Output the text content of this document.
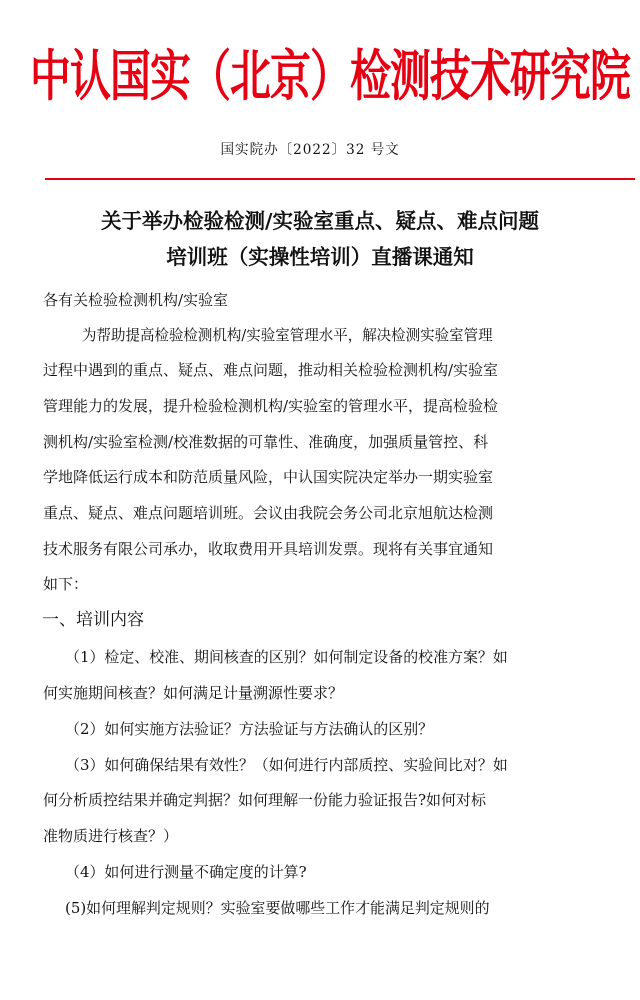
中认国实（北京）检测技术研究院
国实院办〔2022〕32 号文
关于举办检验检测/实验室重点、疑点、难点问题
培训班（实操性培训）直播课通知
各有关检验检测机构/实验室
为帮助提高检验检测机构/实验室管理水平，解决检测实验室管理
过程中遇到的重点、疑点、难点问题，推动相关检验检测机构/实验室
管理能力的发展，提升检验检测机构/实验室的管理水平，提高检验检
测机构/实验室检测/校准数据的可靠性、准确度，加强质量管控、科
学地降低运行成本和防范质量风险，中认国实院决定举办一期实验室
重点、疑点、难点问题培训班。会议由我院会务公司北京旭航达检测
技术服务有限公司承办，收取费用开具培训发票。现将有关事宜通知
如下：
一、培训内容
（1）检定、校准、期间核查的区别？如何制定设备的校准方案？如
何实施期间核查？如何满足计量溯源性要求？
（2）如何实施方法验证？方法验证与方法确认的区别？
（3）如何确保结果有效性？（如何进行内部质控、实验间比对？如
何分析质控结果并确定判据？如何理解一份能力验证报告?如何对标
准物质进行核查？）
（4）如何进行测量不确定度的计算?
(5)如何理解判定规则？实验室要做哪些工作才能满足判定规则的
